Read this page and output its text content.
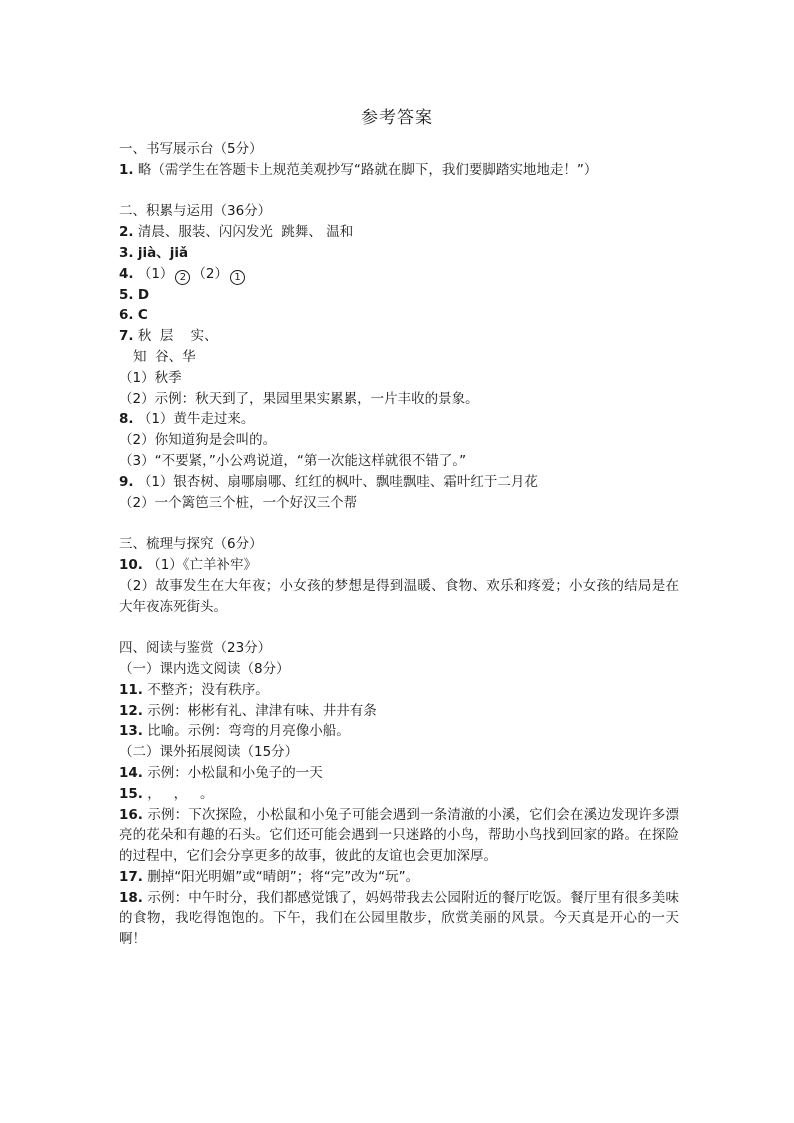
参考答案
一、书写展示台（5分）
1. 略（需学生在答题卡上规范美观抄写“路就在脚下，我们要脚踏实地地走！”）
二、积累与运用（36分）
2. 清晨、服装、闪闪发光  跳舞、 温和
3. jià、jiǎ
4. （1） 2 （2） 1
5. D
6. C
7. 秋  层    实、
知  谷、华
（1）秋季
（2）示例：秋天到了，果园里果实累累，一片丰收的景象。
8. （1）黄牛走过来。
（2）你知道狗是会叫的。
（3）“不要紧，”小公鸡说道，“第一次能这样就很不错了。”
9. （1）银杏树、扇哪扇哪、红红的枫叶、飘哇飘哇、霜叶红于二月花
（2）一个篱笆三个桩，一个好汉三个帮
三、梳理与探究（6分）
10. （1）《亡羊补牢》
（2）故事发生在大年夜；小女孩的梦想是得到温暖、食物、欢乐和疼爱；小女孩的结局是在大年夜冻死街头。
四、阅读与鉴赏（23分）
（一）课内选文阅读（8分）
11. 不整齐；没有秩序。
12. 示例：彬彬有礼、津津有味、井井有条
13. 比喻。示例：弯弯的月亮像小船。
（二）课外拓展阅读（15分）
14. 示例：小松鼠和小兔子的一天
15. ，   ，   。
16. 示例：下次探险，小松鼠和小兔子可能会遇到一条清澈的小溪，它们会在溪边发现许多漂亮的花朵和有趣的石头。它们还可能会遇到一只迷路的小鸟，帮助小鸟找到回家的路。在探险的过程中，它们会分享更多的故事，彼此的友谊也会更加深厚。
17. 删掉“阳光明媚”或“晴朗”；将“完”改为“玩”。
18. 示例：中午时分，我们都感觉饿了，妈妈带我去公园附近的餐厅吃饭。餐厅里有很多美味的食物，我吃得饱饱的。下午，我们在公园里散步，欣赏美丽的风景。今天真是开心的一天啊！
